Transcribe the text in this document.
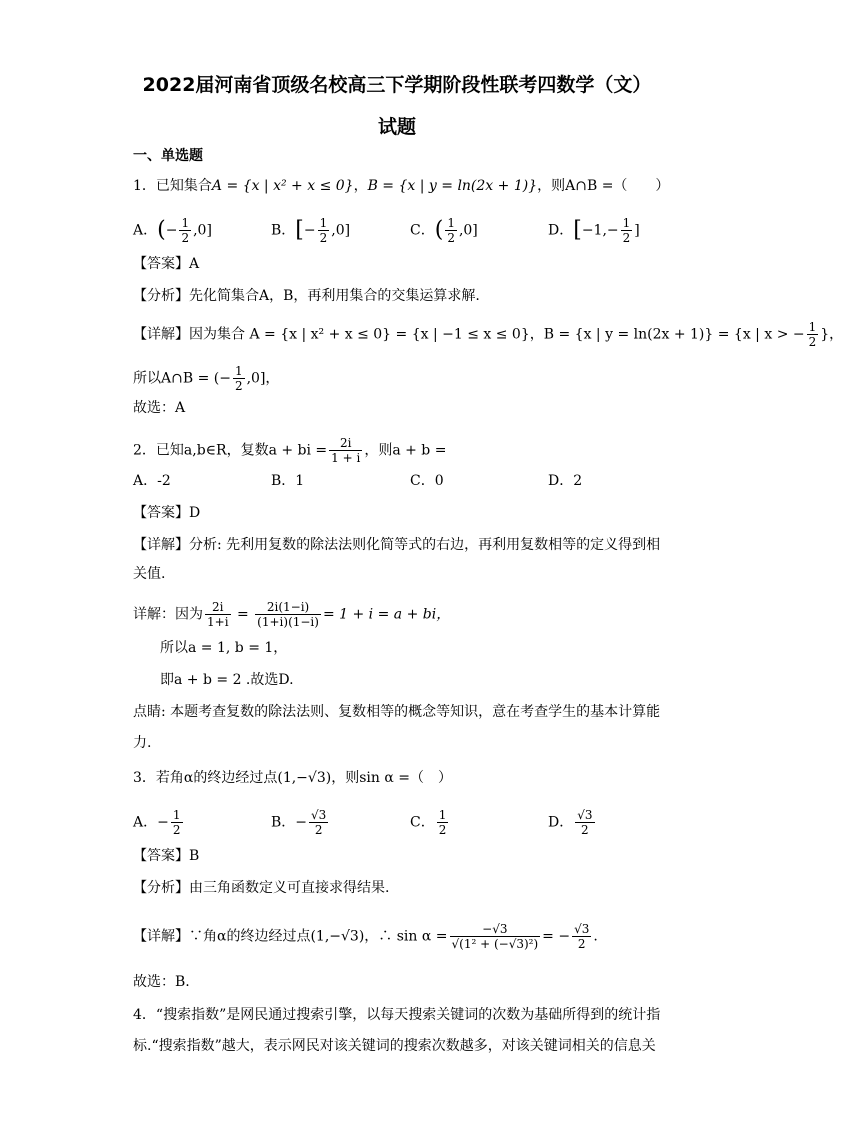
2022届河南省顶级名校高三下学期阶段性联考四数学（文）
试题
一、单选题
1．已知集合A = {x | x² + x ≤ 0}，B = {x | y = ln(2x + 1)}，则A∩B =（　　）
A．(− $\frac{1}{2} ,0$]	B．[− $\frac{1}{2} ,0$]	C．( $\frac{1}{2} ,0$]	D．[$-1,- \frac{1}{2}$ ]
【答案】A
【分析】先化简集合A，B，再利用集合的交集运算求解.
【详解】因为集合 A = {x | x² + x ≤ 0} = {x | −1 ≤ x ≤ 0}，B = {x | y = ln(2x + 1)} = {x | x > − $\frac{1}{2}$ }，
所以A∩B = (− $\frac{1}{2} ,0$]，
故选：A
2．已知a,b∈R，复数a + bi = $\frac{2i}{1 + i}$ ，则a + b =
A．-2	B．1	C．0	D．2
【答案】D
【详解】分析: 先利用复数的除法法则化简等式的右边，再利用复数相等的定义得到相
关值.
详解：因为 $\frac{2i}{1+i} = \frac{2i(1-i)}{(1+i)(1-i)} = 1 + i = a$ + bi，
所以a = 1, b = 1，
即a + b = 2 .故选D.
点睛: 本题考查复数的除法法则、复数相等的概念等知识，意在考查学生的基本计算能
力.
3．若角α的终边经过点(1,−√3)，则sin α =（　）
A．− $\frac{1}{2}$	B．− $\frac{√3}{2}$	C． $\frac{1}{2}$	D． $\frac{√3}{2}$
【答案】B
【分析】由三角函数定义可直接求得结果.
【详解】∵角α的终边经过点(1,−√3)，∴ $\sin \alpha = \frac{-√3}{\text{√(1² + (−√3)²)}}$ = − $\frac{√3}{2}$ .
故选：B.
4．“搜索指数”是网民通过搜索引擎，以每天搜索关键词的次数为基础所得到的统计指
标.“搜索指数”越大，表示网民对该关键词的搜索次数越多，对该关键词相关的信息关
